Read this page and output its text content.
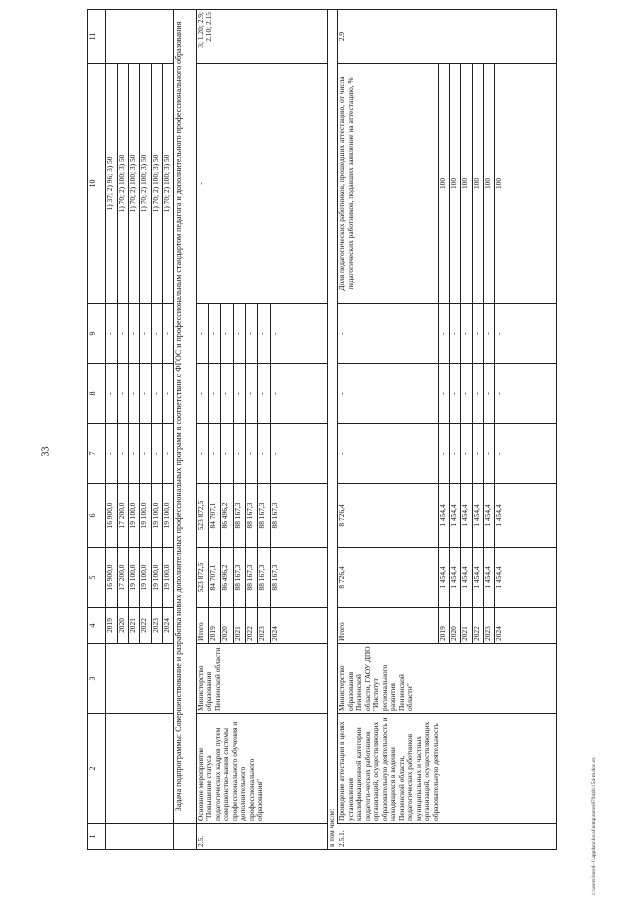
33
1	2	3	4	5	6	7	8	9	10	11
			2019	16 900,0	16 900,0	-	-	-	1) 37; 2) 96; 3) 50	
			2020	17 200,0	17 200,0	-	-	-	1) 70; 2) 100; 3) 50	
			2021	19 100,0	19 100,0	-	-	-	1) 70; 2) 100; 3) 50	
			2022	19 100,0	19 100,0	-	-	-	1) 70; 2) 100; 3) 50	
			2023	19 100,0	19 100,0	-	-	-	1) 70; 2) 100; 3) 50	
			2024	19 100,0	19 100,0	-	-	-	1) 70; 2) 100; 3) 50	
	Задача подпрограммы: Совершенствование и разработка новых дополнительных профессиональных программ в соответствии с ФГОС и профессиональным стандартом педагога и дополнительного профессионального образования									
2.5.	Основное мероприятие "Повышение статуса педагогических кадров путем совершенство-вания системы профессионального обучения и дополнительного профессионального образования"	Министерство образования Пензенской области	Итого	523 872,5	523 872,5	-	-	-	-	3; 1.20; 2.9; 2.10; 2.15
			2019	84 707,1	84 707,1	-	-	-		
			2020	86 496,2	86 496,2	-	-	-		
			2021	88 167,3	88 167,3	-	-	-		
			2022	88 167,3	88 167,3	-	-	-		
			2023	88 167,3	88 167,3	-	-	-		
			2024	88 167,3	88 167,3	-	-	-		
в том числе:										
2.5.1.	Проведение аттестации в целях установления квалификационной категории педагоги-ческих работников организаций, осуществляющих образовательную деятельность и находящихся в ведении Пензенской области, педагогических работников муниципальных и частных организаций, осуществляющих образовательную деятельность	Министерство образования Пензенской области, ГАОУ ДПО "Институт регионального развития Пензенской области"	Итого	8 726,4	8 726,4	-	-	-	Доля педагогических работников, прошедших аттестацию, от числа педагогических работников, подавших заявление на аттестацию, %	2.9
			2019	1 454,4	1 454,4	-	-	-	100	
			2020	1 454,4	1 454,4	-	-	-	100	
			2021	1 454,4	1 454,4	-	-	-	100	
			2022	1 454,4	1 454,4	-	-	-	100	
			2023	1 454,4	1 454,4	-	-	-	100	
			2024	1 454,4	1 454,4	-	-	-	100	
c:\users\borol~1\appdata\local\temp\notes87944b\154-m.doc.ex
